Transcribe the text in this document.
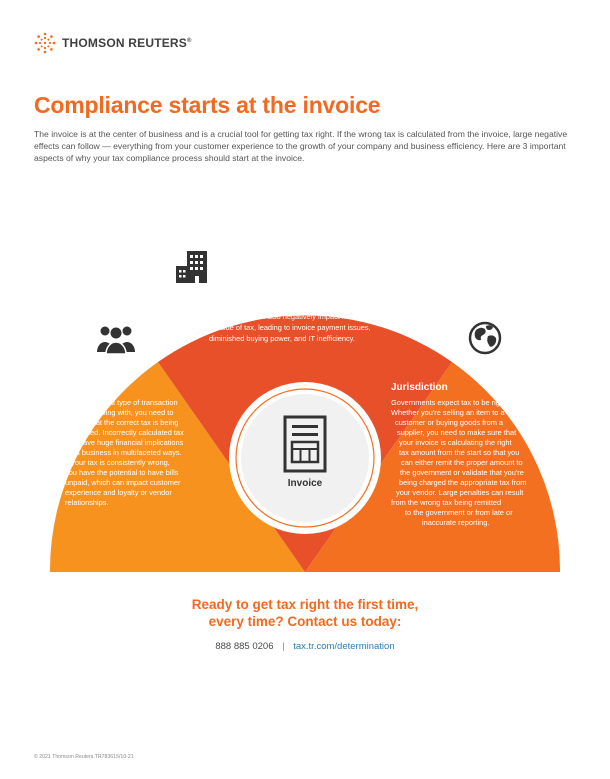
THOMSON REUTERS®
Compliance starts at the invoice

The invoice is at the center of business and is a crucial tool for getting tax right. If the wrong tax is calculated from the invoice, large negative effects can follow — everything from your customer experience to the growth of your company and business efficiency. Here are 3 important aspects of why your tax compliance process should start at the invoice.

Business

All invoices have transaction tax implications. The

business bears the effort and cost of collecting and

remitting tax. Getting tax right involves many areas of

your company beyond the tax department. Accounts

Payable/Receivable, Finance, and IT all have a part

to play when it comes to obtaining the invoice and

calculating the tax implication. If tax is incorrectly

calculated, it can also negatively impact many areas

outside of tax, leading to invoice payment issues,

diminished buying power, and IT inefficiency.

Customer

No matter what type of transaction

you are dealing with, you need to

ensure that the correct tax is being

calculated. Incorrectly calculated tax

can have huge financial implications

for a business in multifaceted ways.

If your tax is consistently wrong,

you have the potential to have bills

unpaid, which can impact customer

experience and loyalty or vendor

relationships.

Jurisdiction

Governments expect tax to be right.

Whether you're selling an item to a

customer or buying goods from a

supplier, you need to make sure that

your invoice is calculating the right

tax amount from the start so that you

can either remit the proper amount to

the government or validate that you're

being charged the appropriate tax from

your vendor. Large penalties can result

from the wrong tax being remitted

to the government or from late or

inaccurate reporting.

Invoice

Ready to get tax right the first time,
every time? Contact us today:

888 885 0206 | tax.tr.com/determination
© 2021 Thomson Reuters TR783615/10-21
